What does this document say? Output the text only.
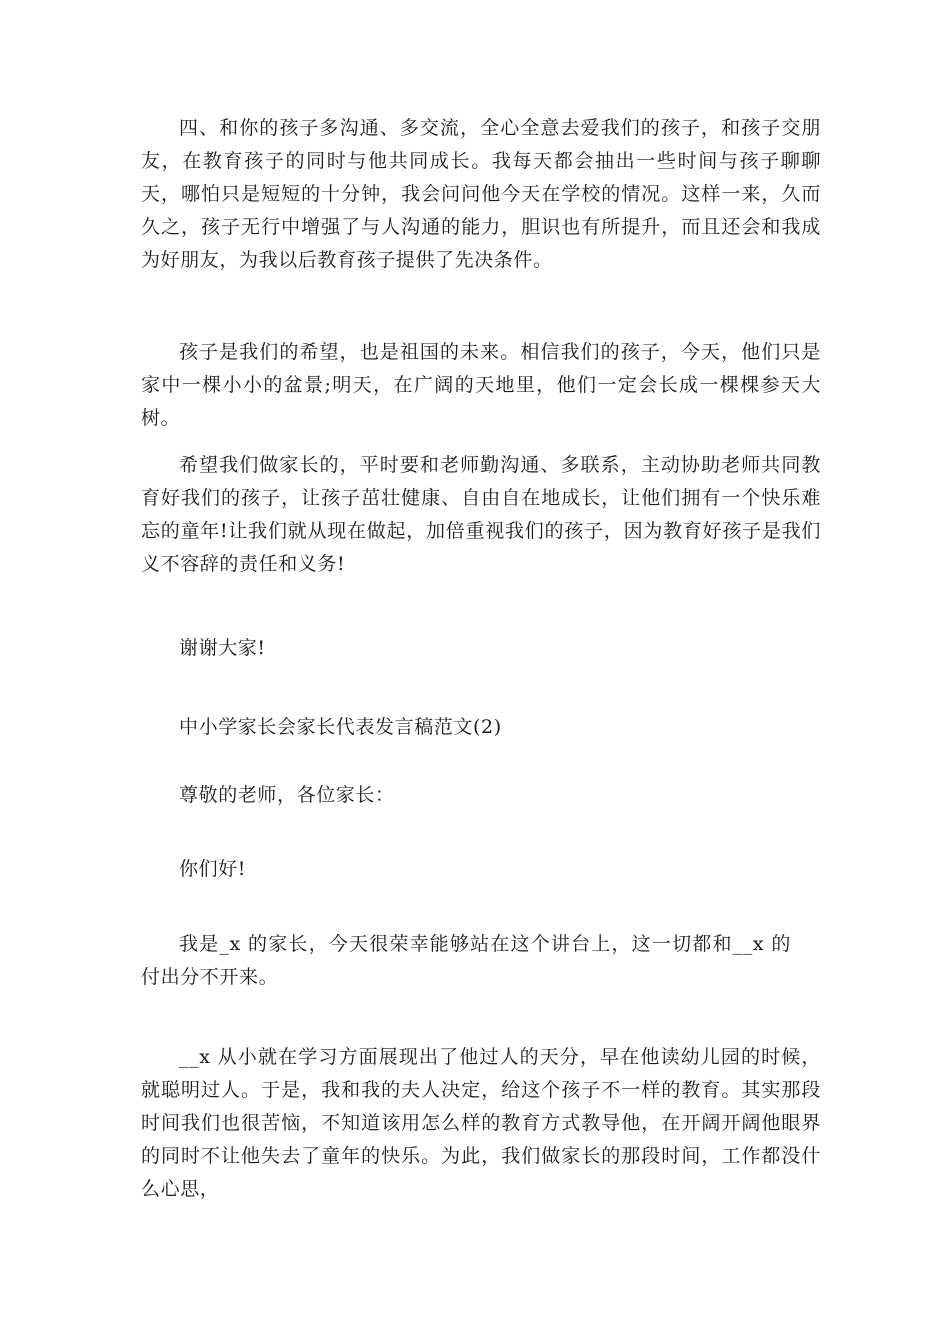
四、和你的孩子多沟通、多交流，全心全意去爱我们的孩子，和孩子交朋友，在教育孩子的同时与他共同成长。我每天都会抽出一些时间与孩子聊聊天，哪怕只是短短的十分钟，我会问问他今天在学校的情况。这样一来，久而久之，孩子无行中增强了与人沟通的能力，胆识也有所提升，而且还会和我成为好朋友，为我以后教育孩子提供了先决条件。

孩子是我们的希望，也是祖国的未来。相信我们的孩子，今天，他们只是家中一棵小小的盆景;明天，在广阔的天地里，他们一定会长成一棵棵参天大树。

希望我们做家长的，平时要和老师勤沟通、多联系，主动协助老师共同教育好我们的孩子，让孩子茁壮健康、自由自在地成长，让他们拥有一个快乐难忘的童年!让我们就从现在做起，加倍重视我们的孩子，因为教育好孩子是我们义不容辞的责任和义务!

谢谢大家!

中小学家长会家长代表发言稿范文(2)

尊敬的老师，各位家长：

你们好!

我是_x 的家长，今天很荣幸能够站在这个讲台上，这一切都和__x 的付出分不开来。

__x 从小就在学习方面展现出了他过人的天分，早在他读幼儿园的时候，就聪明过人。于是，我和我的夫人决定，给这个孩子不一样的教育。其实那段时间我们也很苦恼，不知道该用怎么样的教育方式教导他，在开阔开阔他眼界的同时不让他失去了童年的快乐。为此，我们做家长的那段时间，工作都没什么心思，
